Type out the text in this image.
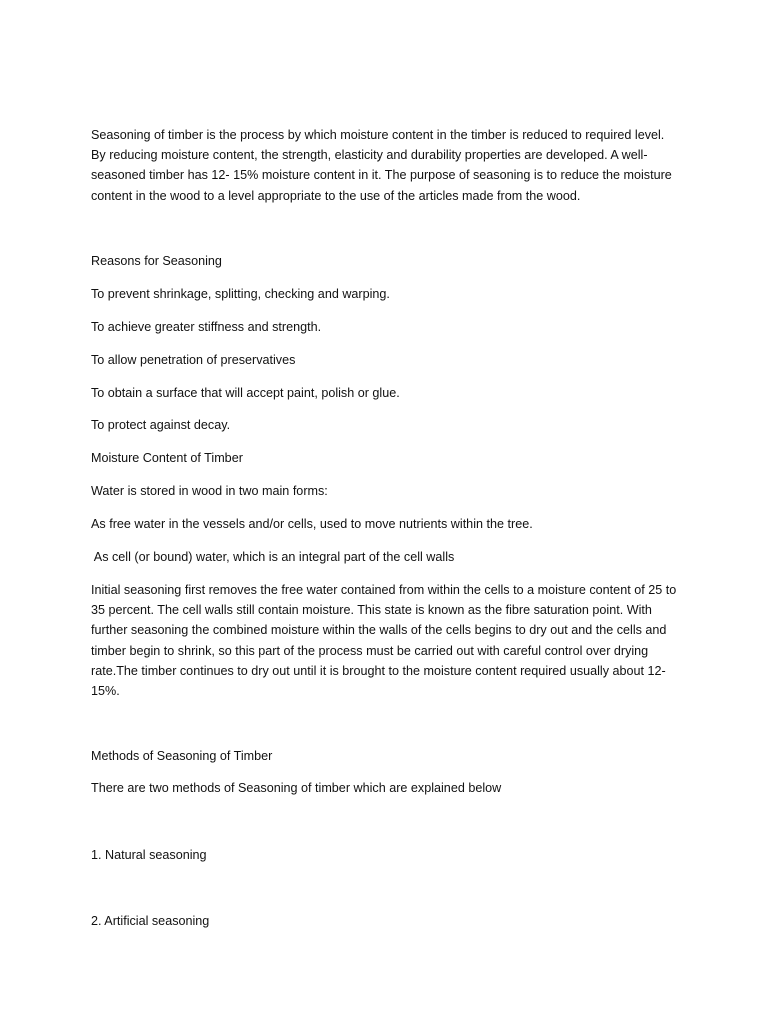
Seasoning of timber is the process by which moisture content in the timber is reduced to required level. By reducing moisture content, the strength, elasticity and durability properties are developed. A well-seasoned timber has 12- 15% moisture content in it. The purpose of seasoning is to reduce the moisture content in the wood to a level appropriate to the use of the articles made from the wood.

Reasons for Seasoning

To prevent shrinkage, splitting, checking and warping.

To achieve greater stiffness and strength.

To allow penetration of preservatives

To obtain a surface that will accept paint, polish or glue.

To protect against decay.

Moisture Content of Timber

Water is stored in wood in two main forms:

As free water in the vessels and/or cells, used to move nutrients within the tree.

As cell (or bound) water, which is an integral part of the cell walls

Initial seasoning first removes the free water contained from within the cells to a moisture content of 25 to 35 percent. The cell walls still contain moisture. This state is known as the fibre saturation point. With further seasoning the combined moisture within the walls of the cells begins to dry out and the cells and timber begin to shrink, so this part of the process must be carried out with careful control over drying rate.The timber continues to dry out until it is brought to the moisture content required usually about 12-15%.

Methods of Seasoning of Timber

There are two methods of Seasoning of timber which are explained below

1. Natural seasoning

2. Artificial seasoning
